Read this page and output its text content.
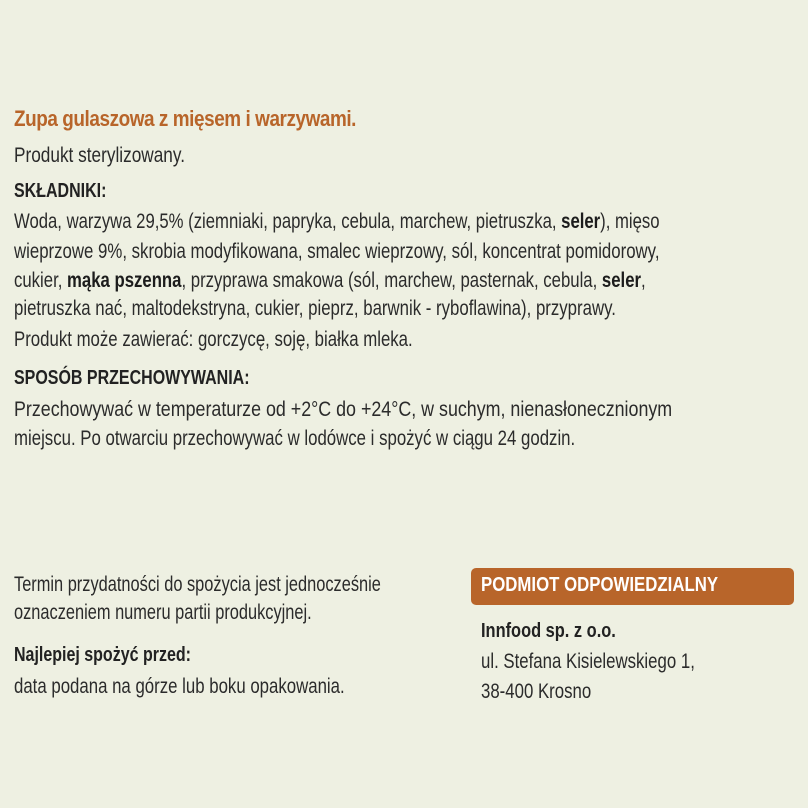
Zupa gulaszowa z mięsem i warzywami.
Produkt sterylizowany.
SKŁADNIKI:
Woda, warzywa 29,5% (ziemniaki, papryka, cebula, marchew, pietruszka, seler), mięso
wieprzowe 9%, skrobia modyfikowana, smalec wieprzowy, sól, koncentrat pomidorowy,
cukier, mąka pszenna, przyprawa smakowa (sól, marchew, pasternak, cebula, seler,
pietruszka nać, maltodekstryna, cukier, pieprz, barwnik - ryboflawina), przyprawy.
Produkt może zawierać: gorczycę, soję, białka mleka.
SPOSÓB PRZECHOWYWANIA:
Przechowywać w temperaturze od +2°C do +24°C, w suchym, nienasłonecznionym
miejscu. Po otwarciu przechowywać w lodówce i spożyć w ciągu 24 godzin.
Termin przydatności do spożycia jest jednocześnie
oznaczeniem numeru partii produkcyjnej.
Najlepiej spożyć przed:
data podana na górze lub boku opakowania.
PODMIOT ODPOWIEDZIALNY
Innfood sp. z o.o.
ul. Stefana Kisielewskiego 1,
38-400 Krosno
